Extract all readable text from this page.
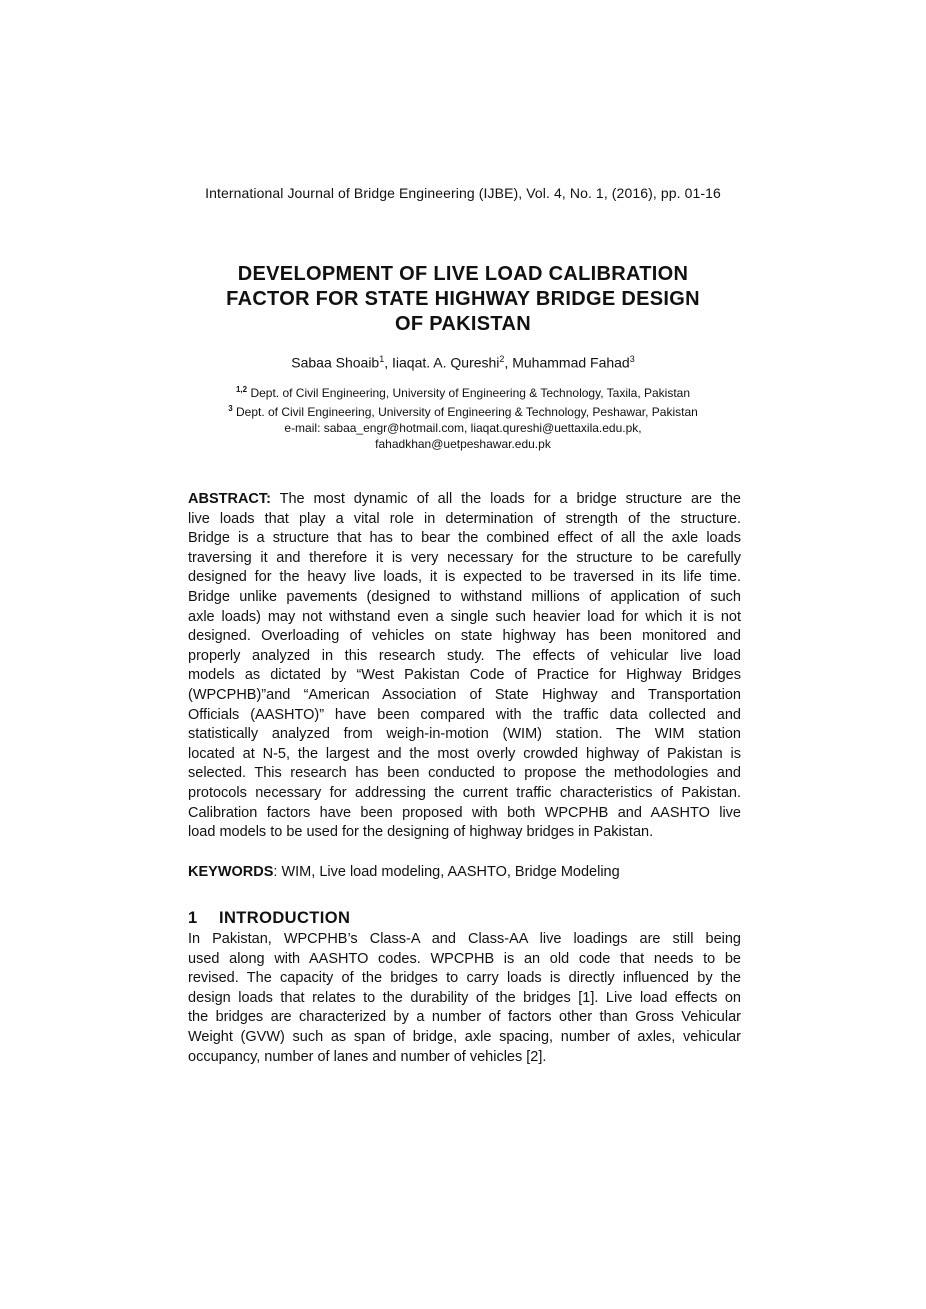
International Journal of Bridge Engineering (IJBE), Vol. 4, No. 1, (2016), pp. 01-16
DEVELOPMENT OF LIVE LOAD CALIBRATION
FACTOR FOR STATE HIGHWAY BRIDGE DESIGN
OF PAKISTAN
Sabaa Shoaib$^1$, Iiaqat. A. Qureshi$^2$, Muhammad Fahad$^3$
$^{1,2}$ Dept. of Civil Engineering, University of Engineering & Technology, Taxila, Pakistan
$^3$ Dept. of Civil Engineering, University of Engineering & Technology, Peshawar, Pakistan
e-mail: sabaa_engr@hotmail.com, liaqat.qureshi@uettaxila.edu.pk,
fahadkhan@uetpeshawar.edu.pk
ABSTRACT: The most dynamic of all the loads for a bridge structure are the
live loads that play a vital role in determination of strength of the structure.
Bridge is a structure that has to bear the combined effect of all the axle loads
traversing it and therefore it is very necessary for the structure to be carefully
designed for the heavy live loads, it is expected to be traversed in its life time.
Bridge unlike pavements (designed to withstand millions of application of such
axle loads) may not withstand even a single such heavier load for which it is not
designed. Overloading of vehicles on state highway has been monitored and
properly analyzed in this research study. The effects of vehicular live load
models as dictated by “West Pakistan Code of Practice for Highway Bridges
(WPCPHB)”and “American Association of State Highway and Transportation
Officials (AASHTO)” have been compared with the traffic data collected and
statistically analyzed from weigh-in-motion (WIM) station. The WIM station
located at N-5, the largest and the most overly crowded highway of Pakistan is
selected. This research has been conducted to propose the methodologies and
protocols necessary for addressing the current traffic characteristics of Pakistan.
Calibration factors have been proposed with both WPCPHB and AASHTO live
load models to be used for the designing of highway bridges in Pakistan.
KEYWORDS: WIM, Live load modeling, AASHTO, Bridge Modeling
1 INTRODUCTION
In Pakistan, WPCPHB’s Class-A and Class-AA live loadings are still being
used along with AASHTO codes. WPCPHB is an old code that needs to be
revised. The capacity of the bridges to carry loads is directly influenced by the
design loads that relates to the durability of the bridges [1]. Live load effects on
the bridges are characterized by a number of factors other than Gross Vehicular
Weight (GVW) such as span of bridge, axle spacing, number of axles, vehicular
occupancy, number of lanes and number of vehicles [2].
